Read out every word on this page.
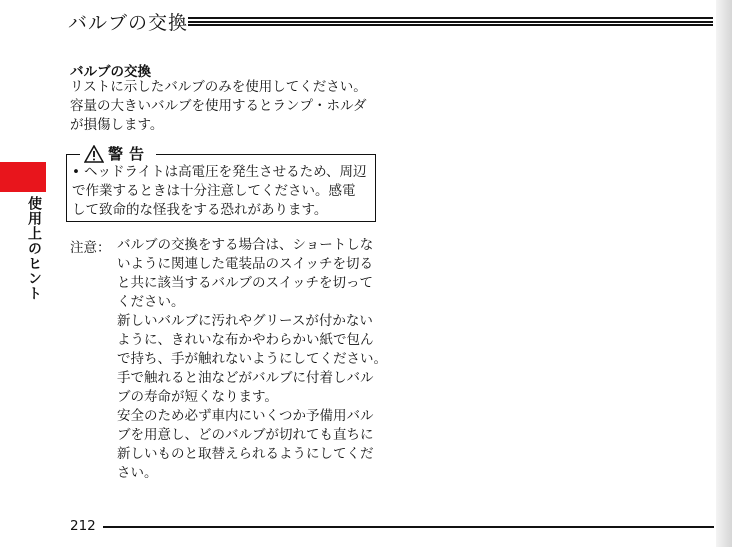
バルブの交換
バルブの交換
リストに示したバルブのみを使用してください。
容量の大きいバルブを使用するとランプ・ホルダ
が損傷します。
警告
• ヘッドライトは高電圧を発生させるため、周辺
で作業するときは十分注意してください。感電
して致命的な怪我をする恐れがあります。
注意： バルブの交換をする場合は、ショートしな
いように関連した電装品のスイッチを切る
と共に該当するバルブのスイッチを切って
ください。
新しいバルブに汚れやグリースが付かない
ように、きれいな布かやわらかい紙で包ん
で持ち、手が触れないようにしてください。
手で触れると油などがバルブに付着しバル
ブの寿命が短くなります。
安全のため必ず車内にいくつか予備用バル
ブを用意し、どのバルブが切れても直ちに
新しいものと取替えられるようにしてくだ
さい。
使用上のヒント
212
